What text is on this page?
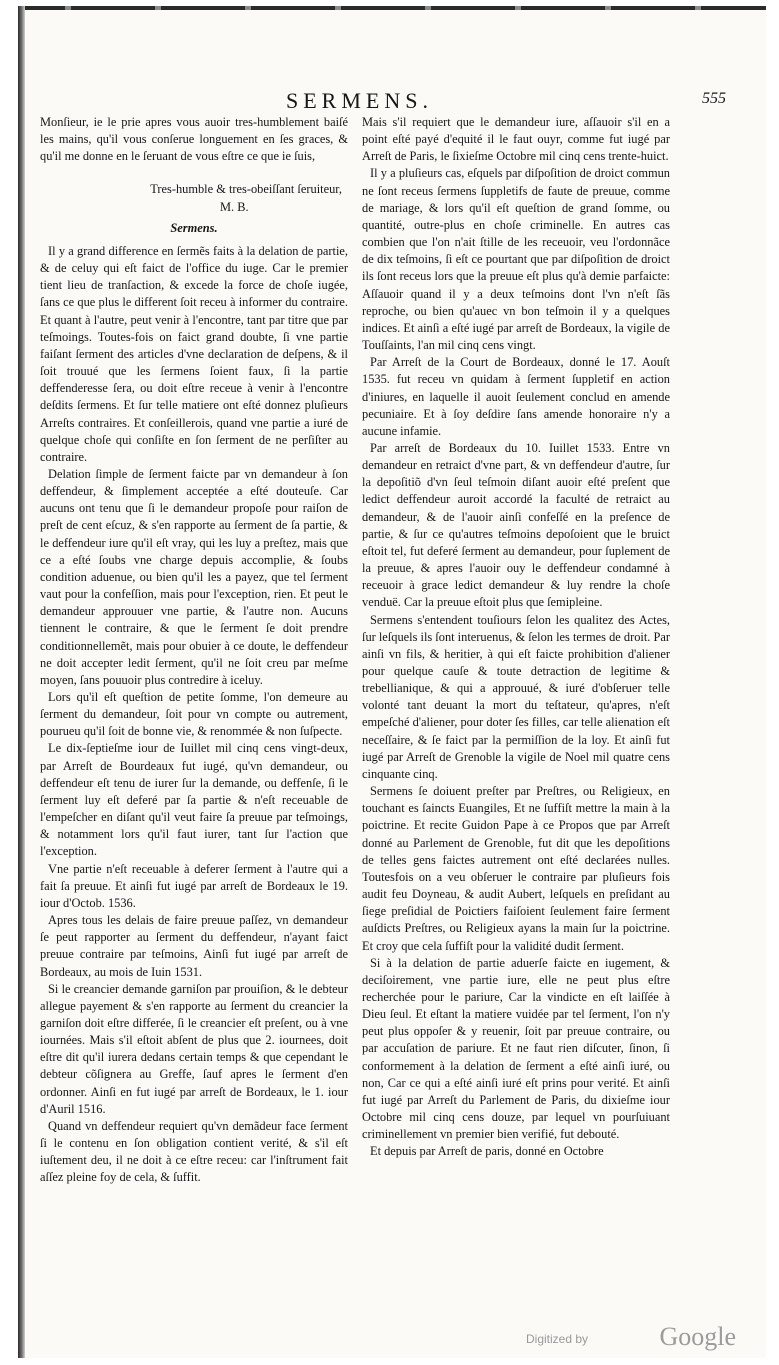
SERMENS.	555

Monſieur, ie le prie apres vous auoir tres-humblement baiſé les mains, qu'il vous conſerue longuement en ſes graces, & qu'il me donne en le ſeruant de vous eſtre ce que ie ſuis,

Tres-humble & tres-obeiſſant ſeruiteur,
M. B.
Sermens.

Il y a grand difference en ſermẽs faits à la delation de partie, & de celuy qui eſt faict de l'office du iuge. Car le premier tient lieu de tranſaction, & excede la force de choſe iugée, ſans ce que plus le different ſoit receu à informer du contraire. Et quant à l'autre, peut venir à l'encontre, tant par titre que par teſmoings. Toutes-fois on faict grand doubte, ſi vne partie faiſant ſerment des articles d'vne declaration de deſpens, & il ſoit trouué que les ſermens ſoient faux, ſi la partie deffenderesse ſera, ou doit eſtre receue à venir à l'encontre deſdits ſermens. Et ſur telle matiere ont eſté donnez pluſieurs Arreſts contraires. Et conſeillerois, quand vne partie a iuré de quelque choſe qui conſiſte en ſon ſerment de ne perſiſter au contraire.

Delation ſimple de ſerment faicte par vn demandeur à ſon deffendeur, & ſimplement acceptée a eſté douteuſe. Car aucuns ont tenu que ſi le demandeur propoſe pour raiſon de preſt de cent eſcuz, & s'en rapporte au ſerment de ſa partie, & le deffendeur iure qu'il eſt vray, qui les luy a preſtez, mais que ce a eſté ſoubs vne charge depuis accomplie, & ſoubs condition aduenue, ou bien qu'il les a payez, que tel ſerment vaut pour la confeſſion, mais pour l'exception, rien. Et peut le demandeur approuuer vne partie, & l'autre non. Aucuns tiennent le contraire, & que le ſerment ſe doit prendre conditionnellemẽt, mais pour obuier à ce doute, le deffendeur ne doit accepter ledit ſerment, qu'il ne ſoit creu par meſme moyen, ſans pouuoir plus contredire à iceluy.

Lors qu'il eſt queſtion de petite ſomme, l'on demeure au ſerment du demandeur, ſoit pour vn compte ou autrement, pourueu qu'il ſoit de bonne vie, & renommée & non ſuſpecte.

Le dix-ſeptieſme iour de Iuillet mil cinq cens vingt-deux, par Arreſt de Bourdeaux fut iugé, qu'vn demandeur, ou deffendeur eſt tenu de iurer ſur la demande, ou deffenſe, ſi le ſerment luy eſt deferé par ſa partie & n'eſt receuable de l'empeſcher en diſant qu'il veut faire ſa preuue par teſmoings, & notamment lors qu'il faut iurer, tant ſur l'action que l'exception.

Vne partie n'eſt receuable à deferer ſerment à l'autre qui a fait ſa preuue. Et ainſi fut iugé par arreſt de Bordeaux le 19. iour d'Octob. 1536.

Apres tous les delais de faire preuue paſſez, vn demandeur ſe peut rapporter au ſerment du deffendeur, n'ayant faict preuue contraire par teſmoins, Ainſi fut iugé par arreſt de Bordeaux, au mois de Iuin 1531.

Si le creancier demande garniſon par prouiſion, & le debteur allegue payement & s'en rapporte au ſerment du creancier la garniſon doit eſtre differée, ſi le creancier eſt preſent, ou à vne iournées. Mais s'il eſtoit abſent de plus que 2. iournees, doit eſtre dit qu'il iurera dedans certain temps & que cependant le debteur cõſignera au Greffe, ſauf apres le ſerment d'en ordonner. Ainſi en fut iugé par arreſt de Bordeaux, le 1. iour d'Auril 1516.

Quand vn deffendeur requiert qu'vn demãdeur face ſerment ſi le contenu en ſon obligation contient verité, & s'il eſt iuſtement deu, il ne doit à ce eſtre receu: car l'inſtrument fait aſſez pleine foy de cela, & ſuffit.

Mais s'il requiert que le demandeur iure, aſſauoir s'il en a point eſté payé d'equité il le faut ouyr, comme fut iugé par Arreſt de Paris, le ſixieſme Octobre mil cinq cens trente-huict.

Il y a pluſieurs cas, eſquels par diſpoſition de droict commun ne ſont receus ſermens ſuppletifs de faute de preuue, comme de mariage, & lors qu'il eſt queſtion de grand ſomme, ou quantité, outre-plus en choſe criminelle. En autres cas combien que l'on n'ait ſtille de les receuoir, veu l'ordonnãce de dix teſmoins, ſi eſt ce pourtant que par diſpoſition de droict ils ſont receus lors que la preuue eſt plus qu'à demie parfaicte: Aſſauoir quand il y a deux teſmoins dont l'vn n'eſt ſãs reproche, ou bien qu'auec vn bon teſmoin il y a quelques indices. Et ainſi a eſté iugé par arreſt de Bordeaux, la vigile de Touſſaints, l'an mil cinq cens vingt.

Par Arreſt de la Court de Bordeaux, donné le 17. Aouſt 1535. fut receu vn quidam à ſerment ſuppletif en action d'iniures, en laquelle il auoit ſeulement conclud en amende pecuniaire. Et à ſoy deſdire ſans amende honoraire n'y a aucune infamie.

Par arreſt de Bordeaux du 10. Iuillet 1533. Entre vn demandeur en retraict d'vne part, & vn deffendeur d'autre, ſur la depoſitiõ d'vn ſeul teſmoin diſant auoir eſté preſent que ledict deffendeur auroit accordé la faculté de retraict au demandeur, & de l'auoir ainſi confeſſé en la preſence de partie, & ſur ce qu'autres teſmoins depoſoient que le bruict eſtoit tel, fut deferé ſerment au demandeur, pour ſuplement de la preuue, & apres l'auoir ouy le deffendeur condamné à receuoir à grace ledict demandeur & luy rendre la choſe venduë. Car la preuue eſtoit plus que ſemipleine.

Sermens s'entendent touſiours ſelon les qualitez des Actes, ſur leſquels ils ſont interuenus, & ſelon les termes de droit. Par ainſi vn fils, & heritier, à qui eſt faicte prohibition d'aliener pour quelque cauſe & toute detraction de legitime & trebellianique, & qui a approuué, & iuré d'obſeruer telle volonté tant deuant la mort du teſtateur, qu'apres, n'eſt empeſché d'aliener, pour doter ſes filles, car telle alienation eſt neceſſaire, & ſe faict par la permiſſion de la loy. Et ainſi fut iugé par Arreſt de Grenoble la vigile de Noel mil quatre cens cinquante cinq.

Sermens ſe doiuent preſter par Preſtres, ou Religieux, en touchant es ſaincts Euangiles, Et ne ſuffiſt mettre la main à la poictrine. Et recite Guidon Pape à ce Propos que par Arreſt donné au Parlement de Grenoble, fut dit que les depoſitions de telles gens faictes autrement ont eſté declarées nulles. Toutesfois on a veu obſeruer le contraire par pluſieurs fois audit feu Doyneau, & audit Aubert, leſquels en preſidant au ſiege preſidial de Poictiers faiſoient ſeulement faire ſerment auſdicts Preſtres, ou Religieux ayans la main ſur la poictrine. Et croy que cela ſuffiſt pour la validité dudit ſerment.

Si à la delation de partie aduerſe faicte en iugement, & deciſoirement, vne partie iure, elle ne peut plus eſtre recherchée pour le pariure, Car la vindicte en eſt laiſſée à Dieu ſeul. Et eſtant la matiere vuidée par tel ſerment, l'on n'y peut plus oppoſer & y reuenir, ſoit par preuue contraire, ou par accuſation de pariure. Et ne faut rien diſcuter, ſinon, ſi conformement à la delation de ſerment a eſté ainſi iuré, ou non, Car ce qui a eſté ainſi iuré eſt prins pour verité. Et ainſi fut iugé par Arreſt du Parlement de Paris, du dixieſme iour Octobre mil cinq cens douze, par lequel vn pourſuiuant criminellement vn premier bien verifié, fut debouté.

Et depuis par Arreſt de paris, donné en Octobre

Digitized by	Google
